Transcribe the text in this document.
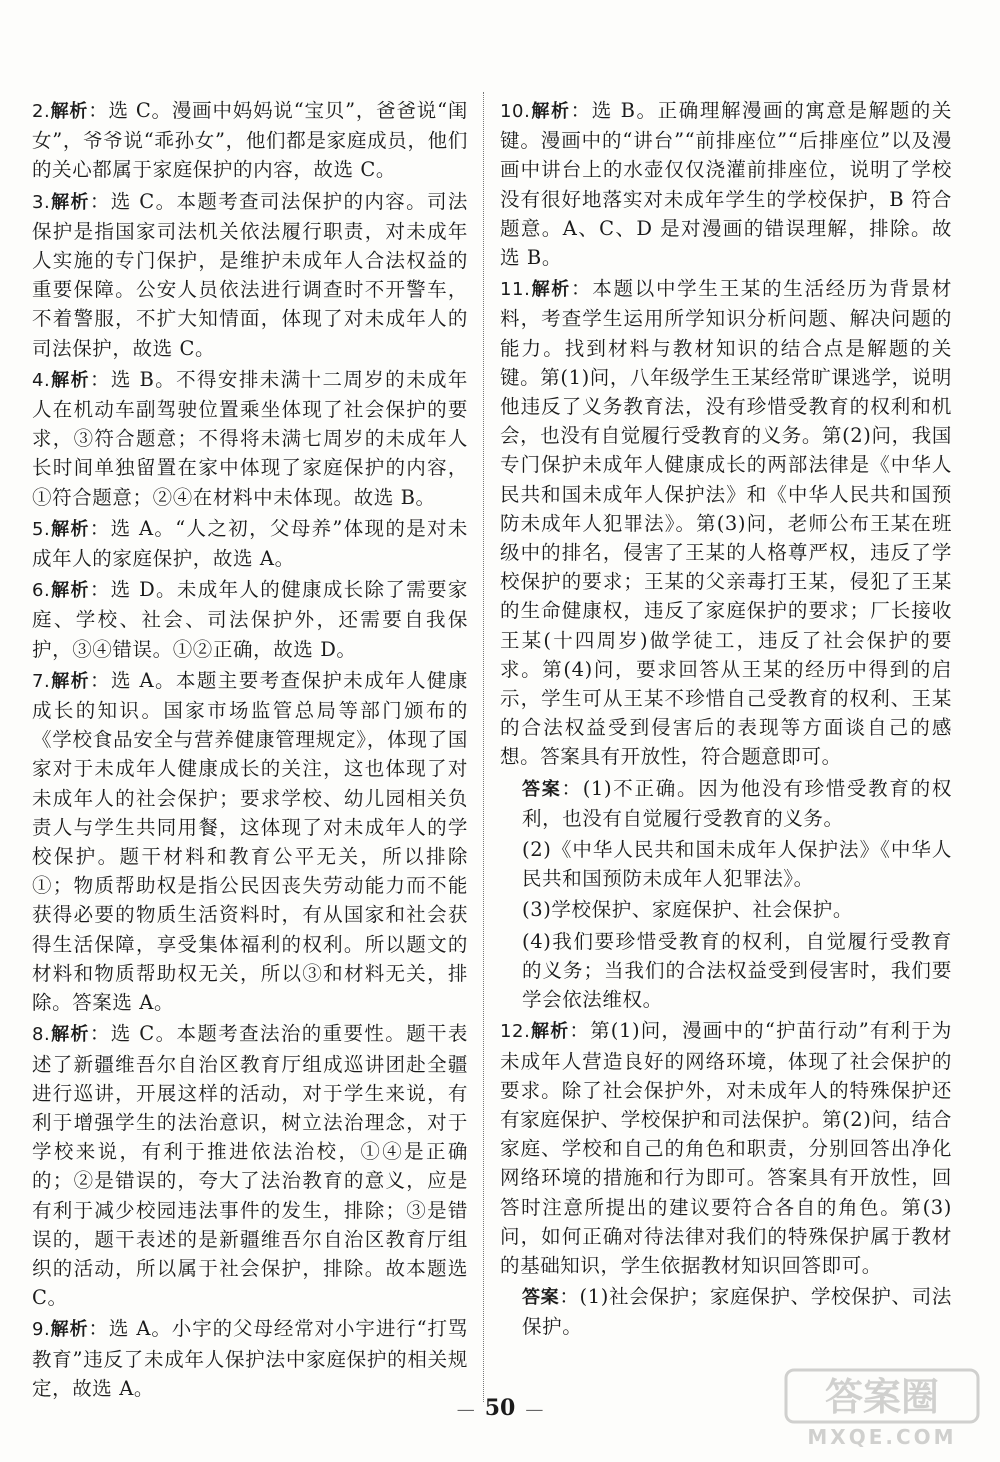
2.解析：选 C。漫画中妈妈说“宝贝”，爸爸说“闺女”，爷爷说“乖孙女”，他们都是家庭成员，他们的关心都属于家庭保护的内容，故选 C。

3.解析：选 C。本题考查司法保护的内容。司法保护是指国家司法机关依法履行职责，对未成年人实施的专门保护，是维护未成年人合法权益的重要保障。公安人员依法进行调查时不开警车，不着警服，不扩大知情面，体现了对未成年人的司法保护，故选 C。

4.解析：选 B。不得安排未满十二周岁的未成年人在机动车副驾驶位置乘坐体现了社会保护的要求，③符合题意；不得将未满七周岁的未成年人长时间单独留置在家中体现了家庭保护的内容，①符合题意；②④在材料中未体现。故选 B。

5.解析：选 A。“人之初，父母养”体现的是对未成年人的家庭保护，故选 A。

6.解析：选 D。未成年人的健康成长除了需要家庭、学校、社会、司法保护外，还需要自我保护，③④错误。①②正确，故选 D。

7.解析：选 A。本题主要考查保护未成年人健康成长的知识。国家市场监管总局等部门颁布的《学校食品安全与营养健康管理规定》，体现了国家对于未成年人健康成长的关注，这也体现了对未成年人的社会保护；要求学校、幼儿园相关负责人与学生共同用餐，这体现了对未成年人的学校保护。题干材料和教育公平无关，所以排除①；物质帮助权是指公民因丧失劳动能力而不能获得必要的物质生活资料时，有从国家和社会获得生活保障，享受集体福利的权利。所以题文的材料和物质帮助权无关，所以③和材料无关，排除。答案选 A。

8.解析：选 C。本题考查法治的重要性。题干表述了新疆维吾尔自治区教育厅组成巡讲团赴全疆进行巡讲，开展这样的活动，对于学生来说，有利于增强学生的法治意识，树立法治理念，对于学校来说，有利于推进依法治校，①④是正确的；②是错误的，夸大了法治教育的意义，应是有利于减少校园违法事件的发生，排除；③是错误的，题干表述的是新疆维吾尔自治区教育厅组织的活动，所以属于社会保护，排除。故本题选 C。

9.解析：选 A。小宇的父母经常对小宇进行“打骂教育”违反了未成年人保护法中家庭保护的相关规定，故选 A。

10.解析：选 B。正确理解漫画的寓意是解题的关键。漫画中的“讲台”“前排座位”“后排座位”以及漫画中讲台上的水壶仅仅浇灌前排座位，说明了学校没有很好地落实对未成年学生的学校保护，B 符合题意。A、C、D 是对漫画的错误理解，排除。故选 B。

11.解析：本题以中学生王某的生活经历为背景材料，考查学生运用所学知识分析问题、解决问题的能力。找到材料与教材知识的结合点是解题的关键。第(1)问，八年级学生王某经常旷课逃学，说明他违反了义务教育法，没有珍惜受教育的权利和机会，也没有自觉履行受教育的义务。第(2)问，我国专门保护未成年人健康成长的两部法律是《中华人民共和国未成年人保护法》和《中华人民共和国预防未成年人犯罪法》。第(3)问，老师公布王某在班级中的排名，侵害了王某的人格尊严权，违反了学校保护的要求；王某的父亲毒打王某，侵犯了王某的生命健康权，违反了家庭保护的要求；厂长接收王某(十四周岁)做学徒工，违反了社会保护的要求。第(4)问，要求回答从王某的经历中得到的启示，学生可从王某不珍惜自己受教育的权利、王某的合法权益受到侵害后的表现等方面谈自己的感想。答案具有开放性，符合题意即可。

答案：(1)不正确。因为他没有珍惜受教育的权利，也没有自觉履行受教育的义务。

(2)《中华人民共和国未成年人保护法》《中华人民共和国预防未成年人犯罪法》。

(3)学校保护、家庭保护、社会保护。

(4)我们要珍惜受教育的权利，自觉履行受教育的义务；当我们的合法权益受到侵害时，我们要学会依法维权。

12.解析：第(1)问，漫画中的“护苗行动”有利于为未成年人营造良好的网络环境，体现了社会保护的要求。除了社会保护外，对未成年人的特殊保护还有家庭保护、学校保护和司法保护。第(2)问，结合家庭、学校和自己的角色和职责，分别回答出净化网络环境的措施和行为即可。答案具有开放性，回答时注意所提出的建议要符合各自的角色。第(3)问，如何正确对待法律对我们的特殊保护属于教材的基础知识，学生依据教材知识回答即可。

答案：(1)社会保护；家庭保护、学校保护、司法保护。

— 50 —	答案圈
MXQE.COM
